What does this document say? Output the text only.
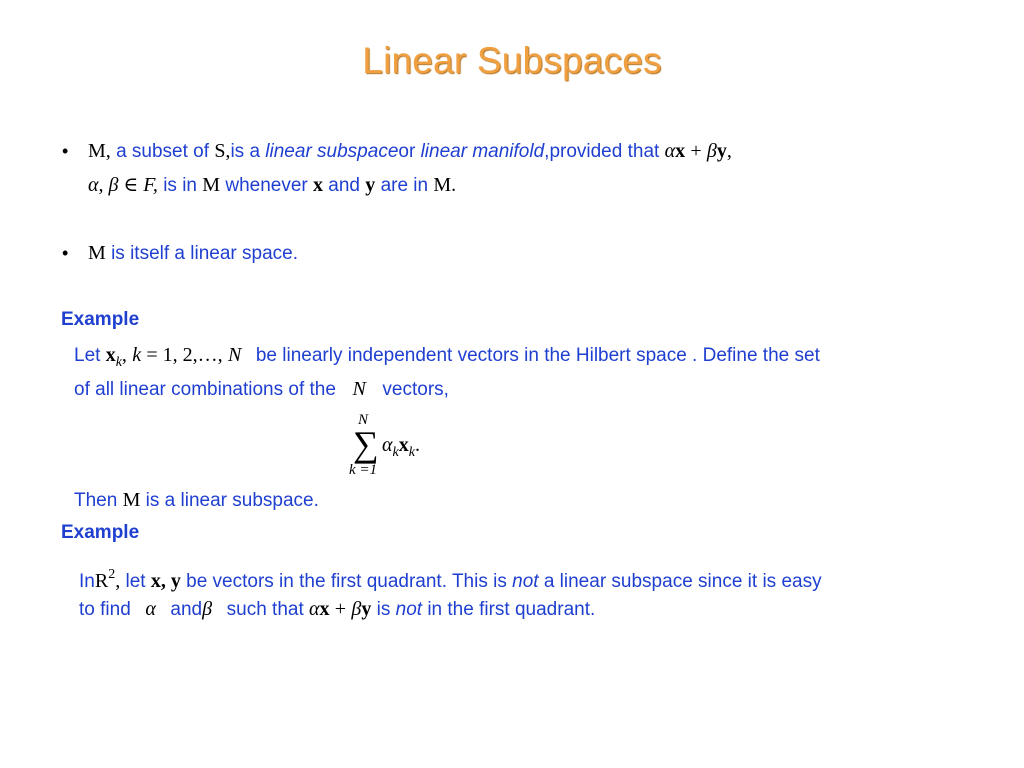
Linear Subspaces
• M, a subset of S,is a linear subspaceor linear manifold,provided that αx + βy,
α, β ∈ F, is in M whenever x and y are in M.
• M is itself a linear space.
Example
Let $x_k$, k = 1, 2,…, N be linearly independent vectors in the Hilbert space . Define the set
of all linear combinations of the N vectors,
N
∑
k =1
$\alpha_kx_k$.
Then M is a linear subspace.
Example
InR$^2$, let x, y be vectors in the first quadrant. This is not a linear subspace since it is easy
to find α andβ such that αx + βy is not in the first quadrant.
